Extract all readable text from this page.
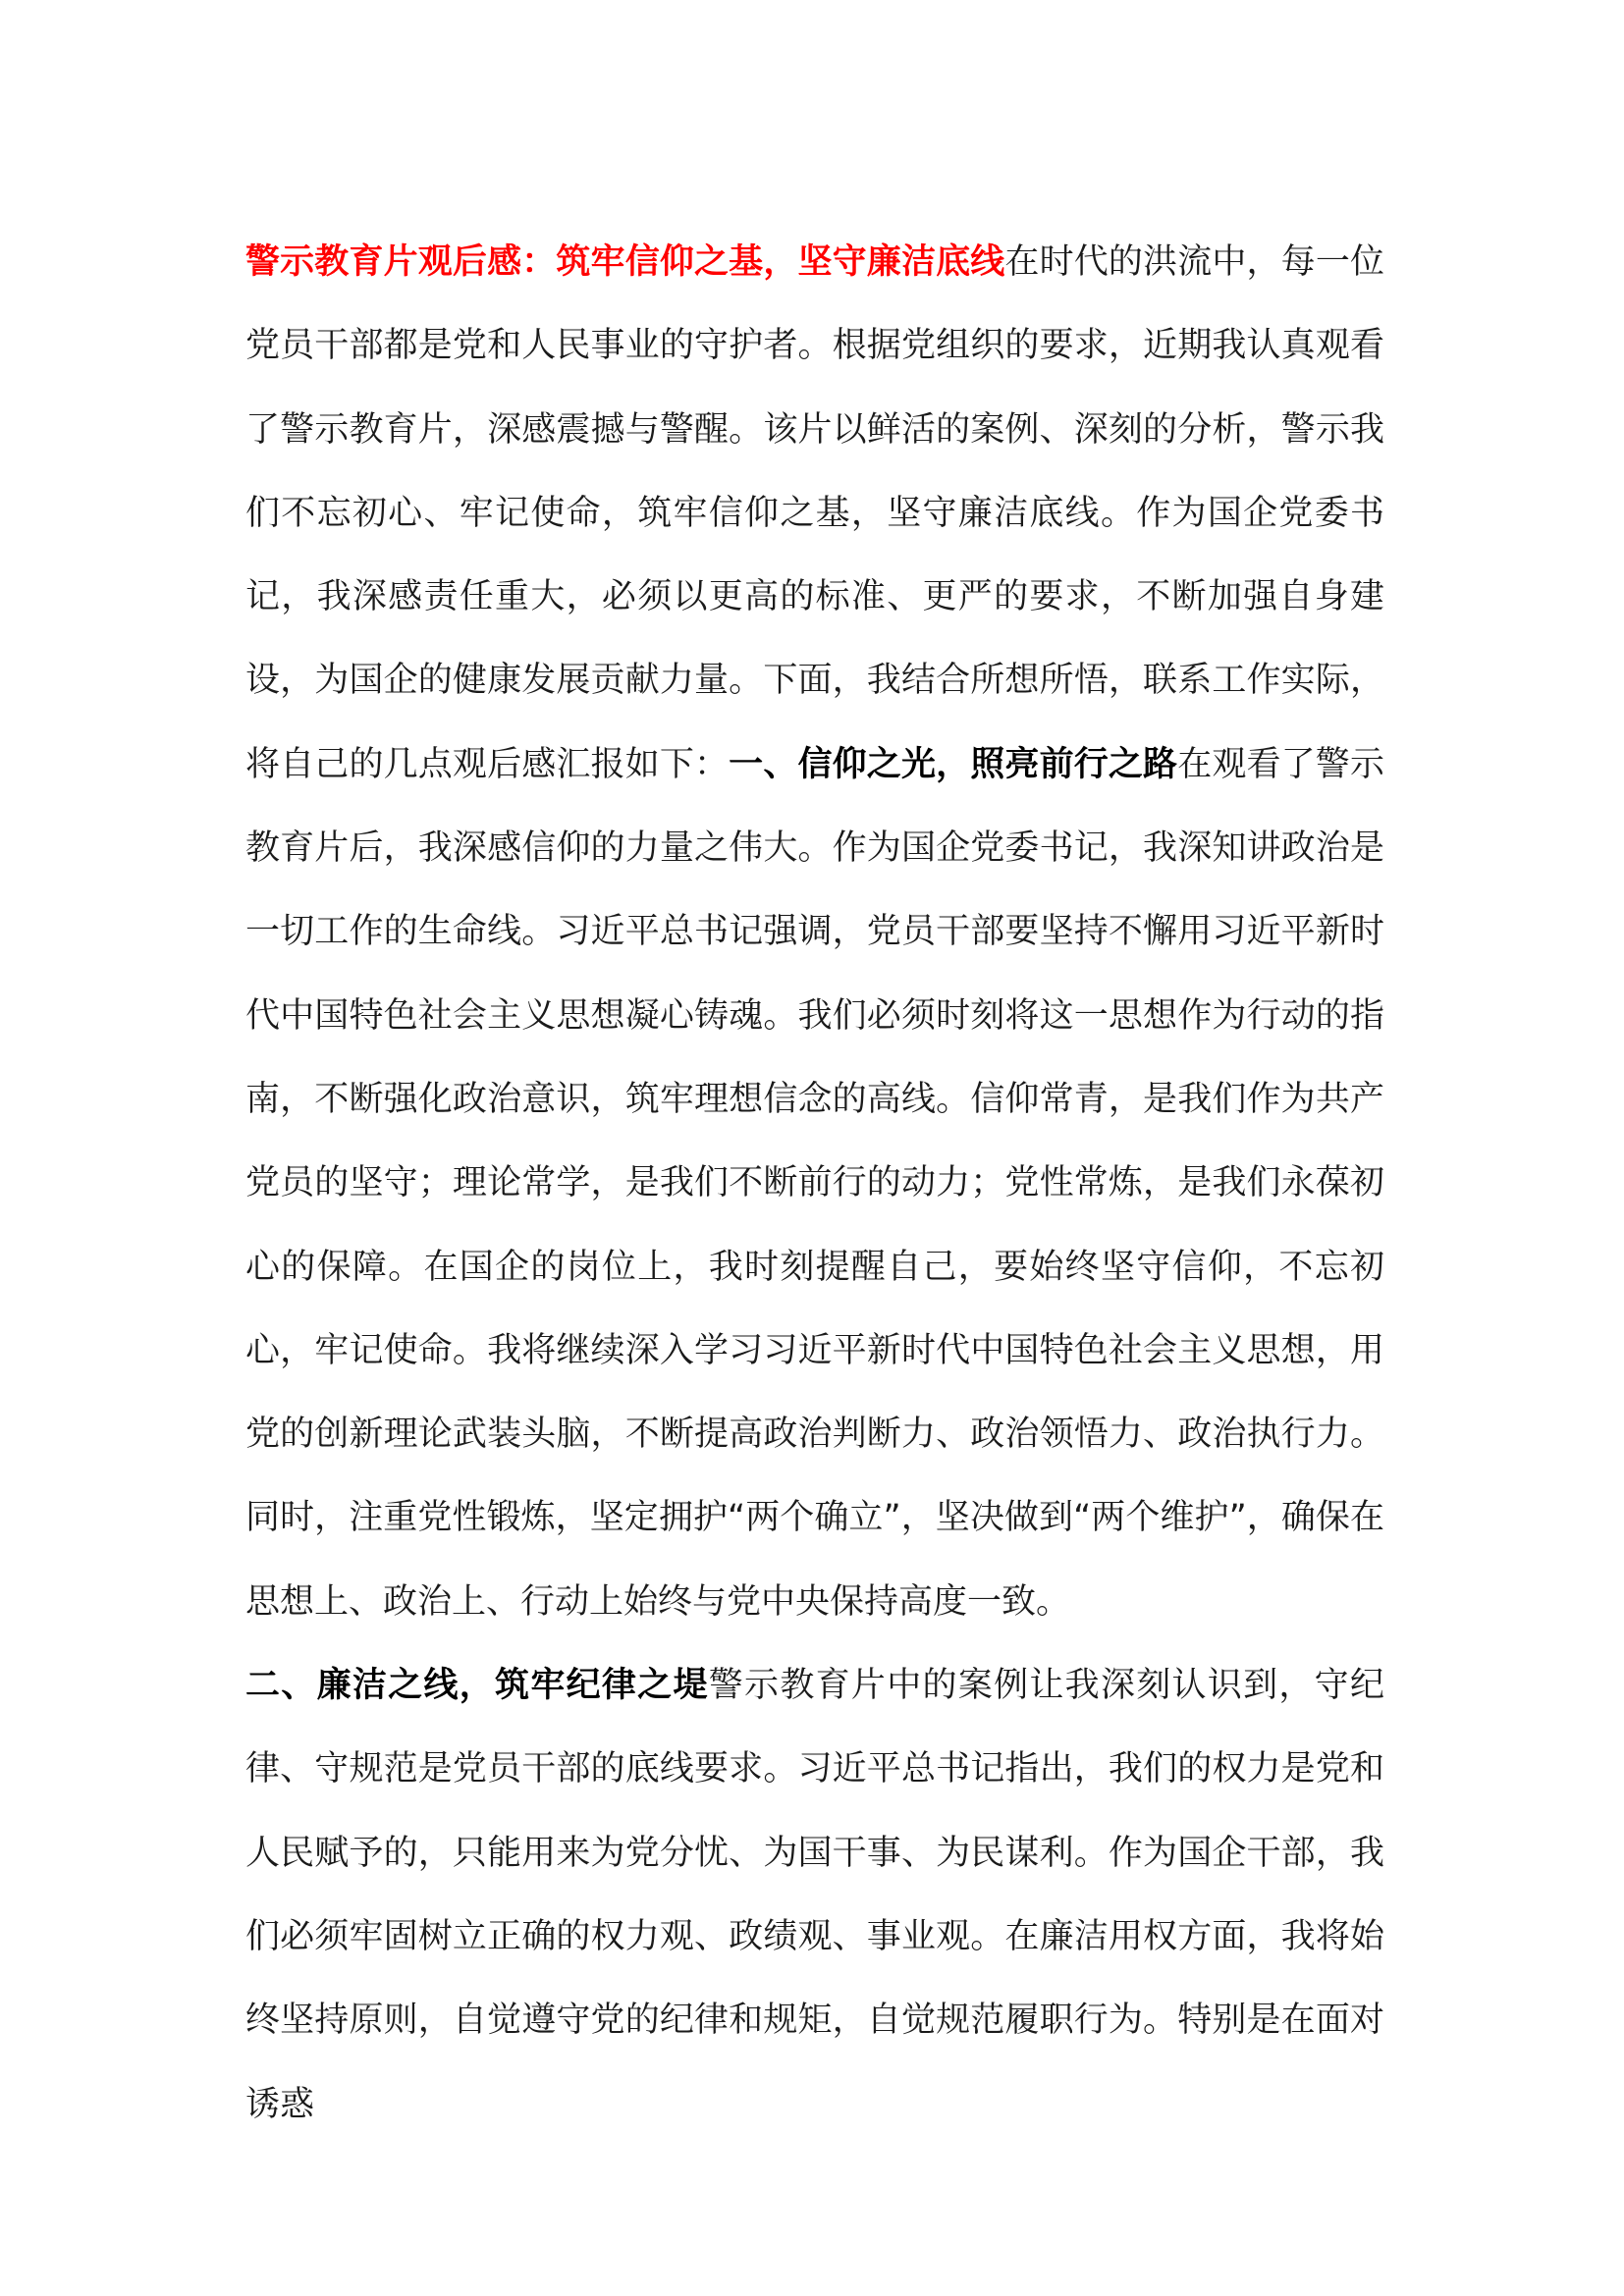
警示教育片观后感：筑牢信仰之基，坚守廉洁底线在时代的洪流中，每一位党员干部都是党和人民事业的守护者。根据党组织的要求，近期我认真观看了警示教育片，深感震撼与警醒。该片以鲜活的案例、深刻的分析，警示我们不忘初心、牢记使命，筑牢信仰之基，坚守廉洁底线。作为国企党委书记，我深感责任重大，必须以更高的标准、更严的要求，不断加强自身建设，为国企的健康发展贡献力量。下面，我结合所想所悟，联系工作实际，将自己的几点观后感汇报如下：一、信仰之光，照亮前行之路在观看了警示教育片后，我深感信仰的力量之伟大。作为国企党委书记，我深知讲政治是一切工作的生命线。习近平总书记强调，党员干部要坚持不懈用习近平新时代中国特色社会主义思想凝心铸魂。我们必须时刻将这一思想作为行动的指南，不断强化政治意识，筑牢理想信念的高线。信仰常青，是我们作为共产党员的坚守；理论常学，是我们不断前行的动力；党性常炼，是我们永葆初心的保障。在国企的岗位上，我时刻提醒自己，要始终坚守信仰，不忘初心，牢记使命。我将继续深入学习习近平新时代中国特色社会主义思想，用党的创新理论武装头脑，不断提高政治判断力、政治领悟力、政治执行力。同时，注重党性锻炼，坚定拥护“两个确立”，坚决做到“两个维护”，确保在思想上、政治上、行动上始终与党中央保持高度一致。

二、廉洁之线，筑牢纪律之堤警示教育片中的案例让我深刻认识到，守纪律、守规范是党员干部的底线要求。习近平总书记指出，我们的权力是党和人民赋予的，只能用来为党分忧、为国干事、为民谋利。作为国企干部，我们必须牢固树立正确的权力观、政绩观、事业观。在廉洁用权方面，我将始终坚持原则，自觉遵守党的纪律和规矩，自觉规范履职行为。特别是在面对诱惑
